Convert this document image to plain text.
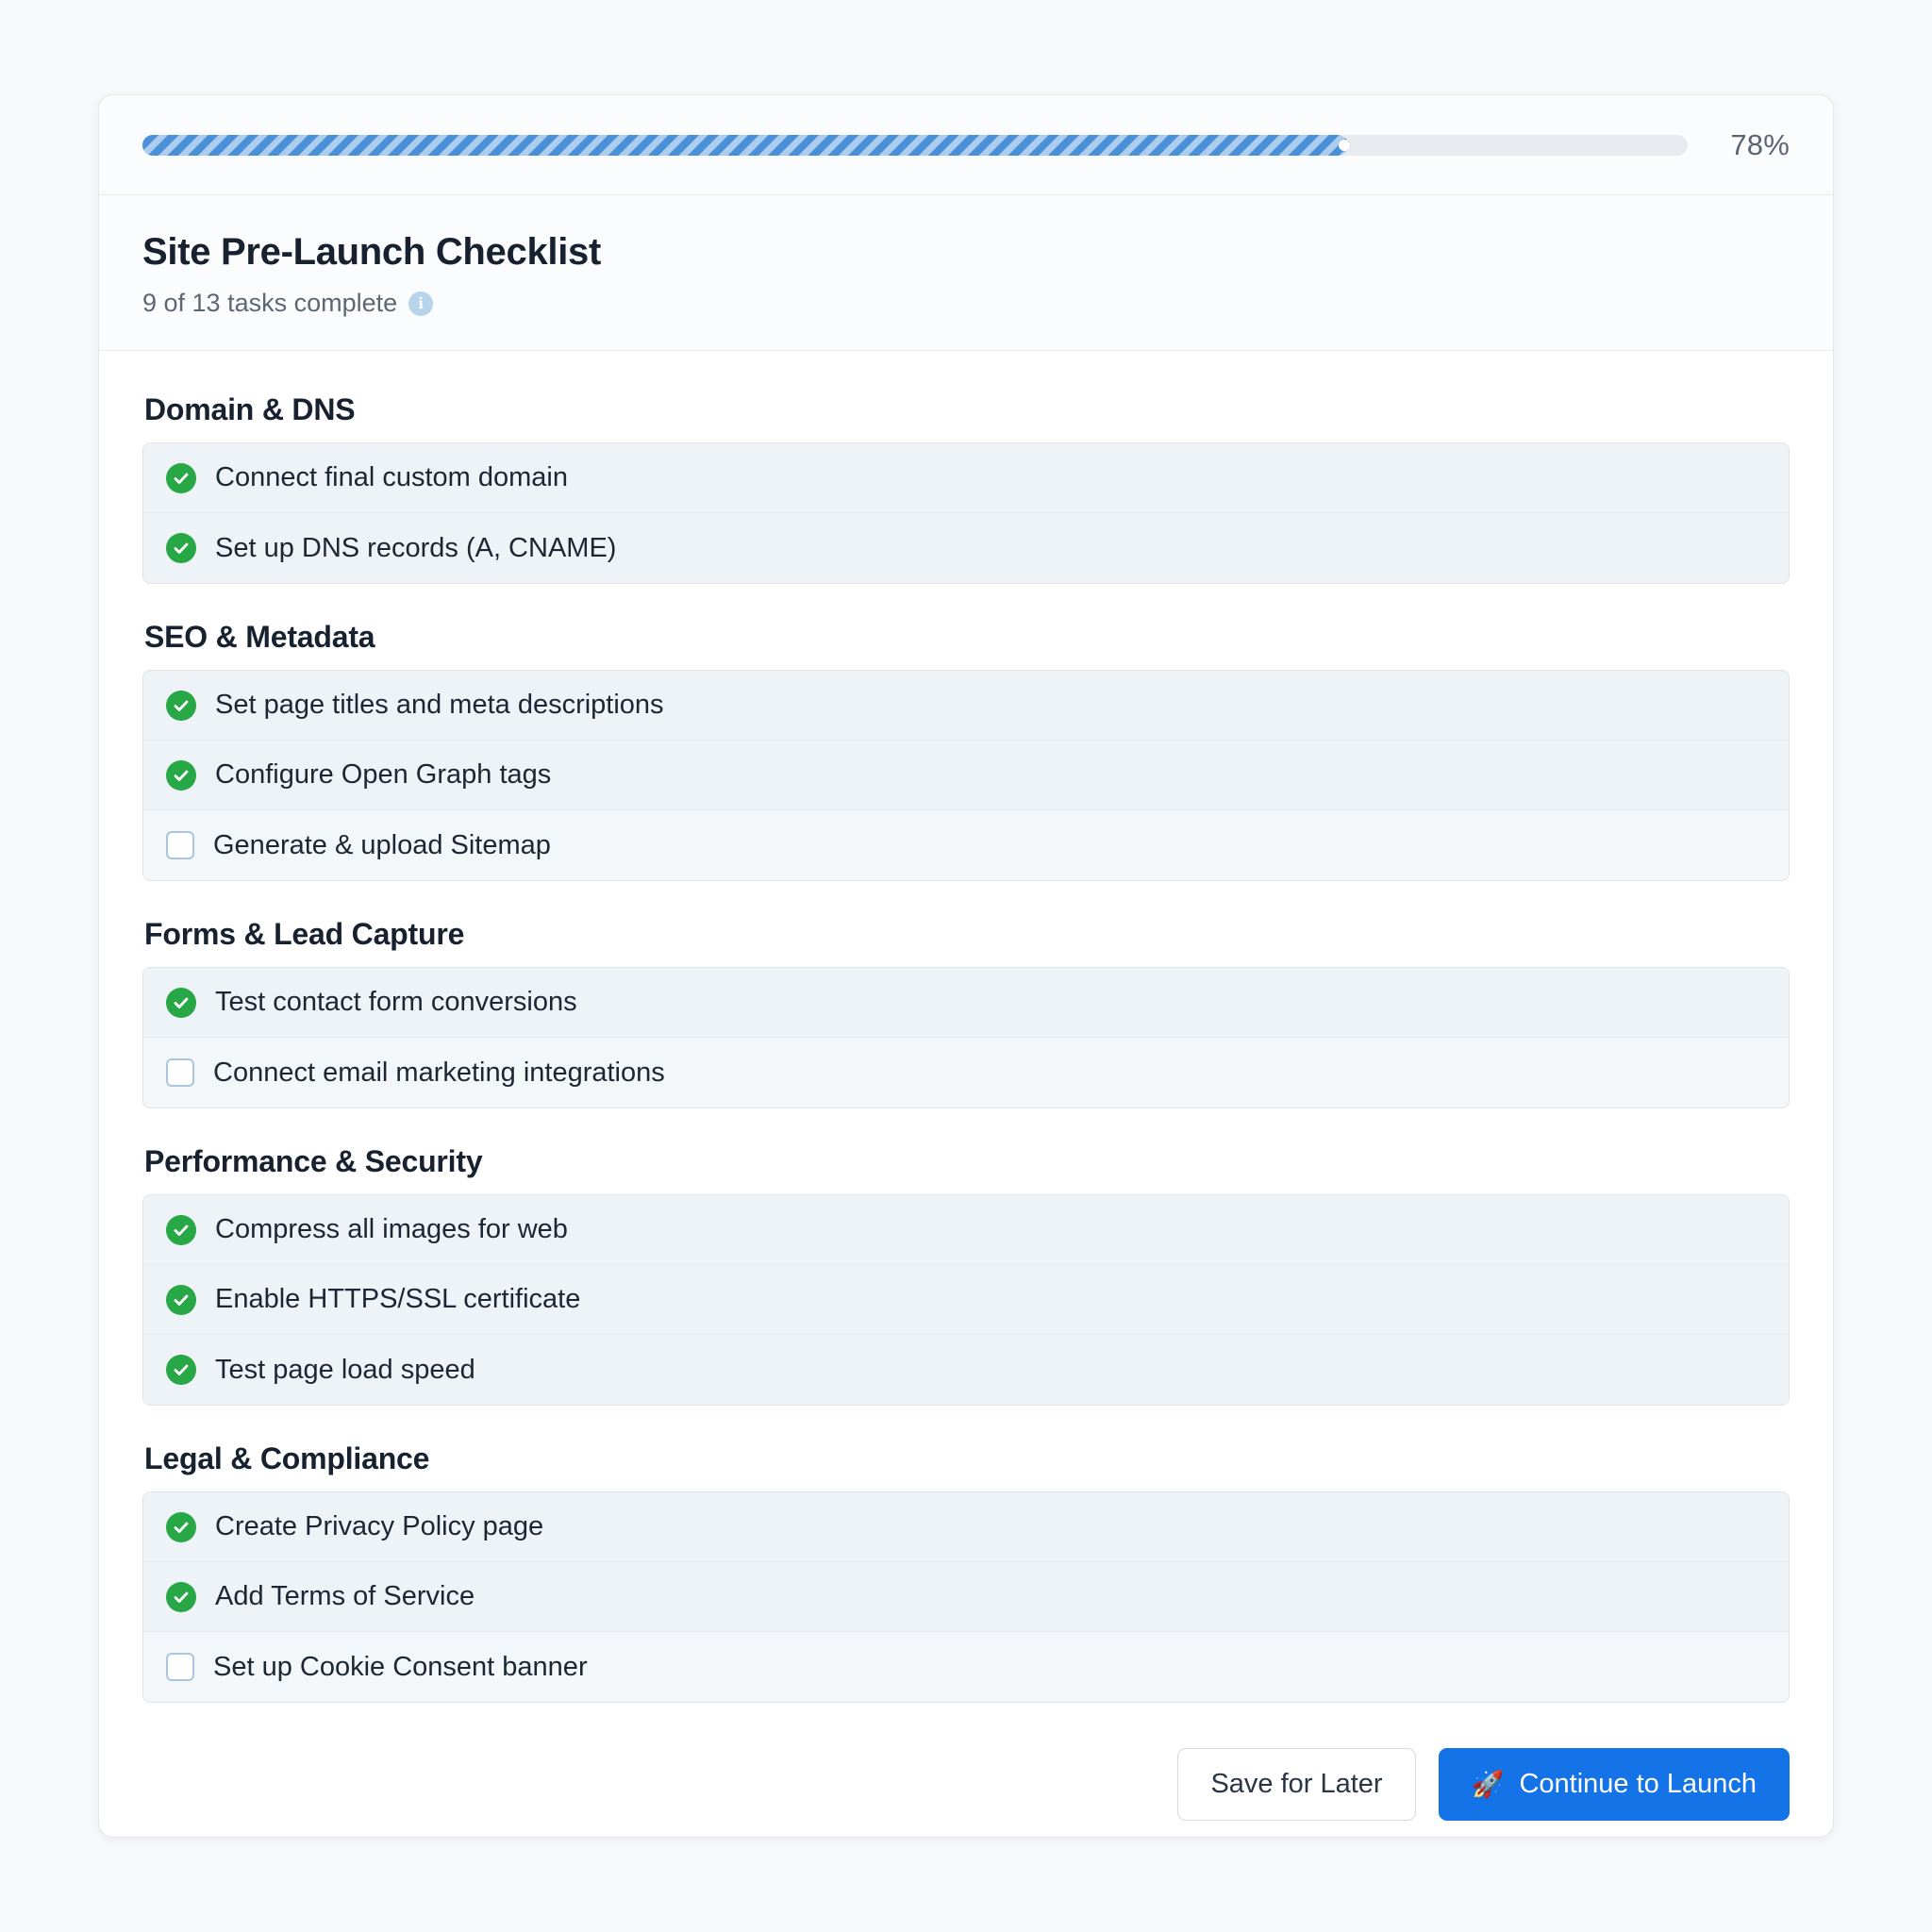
78%
Site Pre-Launch Checklist
9 of 13 tasks complete	i
Domain & DNS
Connect final custom domain
Set up DNS records (A, CNAME)
SEO & Metadata
Set page titles and meta descriptions
Configure Open Graph tags
Generate & upload Sitemap
Forms & Lead Capture
Test contact form conversions
Connect email marketing integrations
Performance & Security
Compress all images for web
Enable HTTPS/SSL certificate
Test page load speed
Legal & Compliance
Create Privacy Policy page
Add Terms of Service
Set up Cookie Consent banner
Save for Later	🚀 Continue to Launch
